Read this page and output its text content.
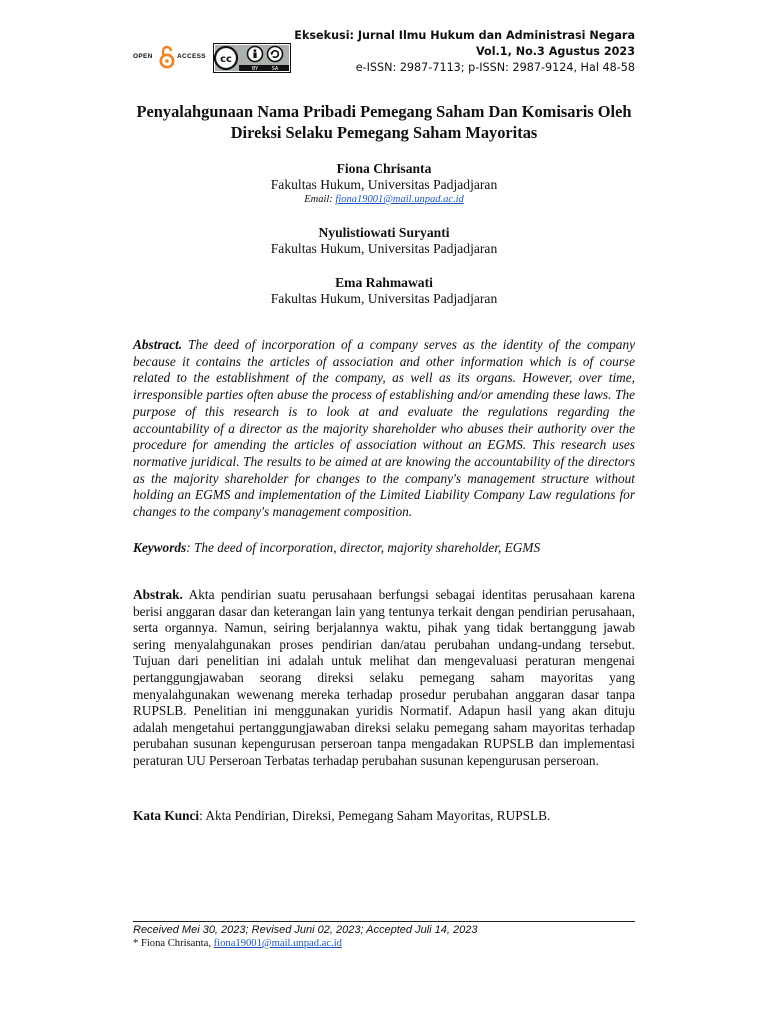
OPEN	ACCESS cc
BY	SA
Eksekusi: Jurnal Ilmu Hukum dan Administrasi Negara
Vol.1, No.3 Agustus 2023
e-ISSN: 2987-7113; p-ISSN: 2987-9124, Hal 48-58
Penyalahgunaan Nama Pribadi Pemegang Saham Dan Komisaris Oleh Direksi Selaku Pemegang Saham Mayoritas
Fiona Chrisanta
Fakultas Hukum, Universitas Padjadjaran
Email: fiona19001@mail.unpad.ac.id
Nyulistiowati Suryanti
Fakultas Hukum, Universitas Padjadjaran
Ema Rahmawati
Fakultas Hukum, Universitas Padjadjaran
Abstract. The deed of incorporation of a company serves as the identity of the company because it contains the articles of association and other information which is of course related to the establishment of the company, as well as its organs. However, over time, irresponsible parties often abuse the process of establishing and/or amending these laws. The purpose of this research is to look at and evaluate the regulations regarding the accountability of a director as the majority shareholder who abuses their authority over the procedure for amending the articles of association without an EGMS. This research uses normative juridical. The results to be aimed at are knowing the accountability of the directors as the majority shareholder for changes to the company's management structure without holding an EGMS and implementation of the Limited Liability Company Law regulations for changes to the company's management composition.
Keywords: The deed of incorporation, director, majority shareholder, EGMS
Abstrak. Akta pendirian suatu perusahaan berfungsi sebagai identitas perusahaan karena berisi anggaran dasar dan keterangan lain yang tentunya terkait dengan pendirian perusahaan, serta organnya. Namun, seiring berjalannya waktu, pihak yang tidak bertanggung jawab sering menyalahgunakan proses pendirian dan/atau perubahan undang-undang tersebut. Tujuan dari penelitian ini adalah untuk melihat dan mengevaluasi peraturan mengenai pertanggungjawaban seorang direksi selaku pemegang saham mayoritas yang menyalahgunakan wewenang mereka terhadap prosedur perubahan anggaran dasar tanpa RUPSLB. Penelitian ini menggunakan yuridis Normatif. Adapun hasil yang akan dituju adalah mengetahui pertanggungjawaban direksi selaku pemegang saham mayoritas terhadap perubahan susunan kepengurusan perseroan tanpa mengadakan RUPSLB dan implementasi peraturan UU Perseroan Terbatas terhadap perubahan susunan kepengurusan perseroan.
Kata Kunci: Akta Pendirian, Direksi, Pemegang Saham Mayoritas, RUPSLB.
Received Mei 30, 2023; Revised Juni 02, 2023; Accepted Juli 14, 2023
* Fiona Chrisanta, fiona19001@mail.unpad.ac.id
